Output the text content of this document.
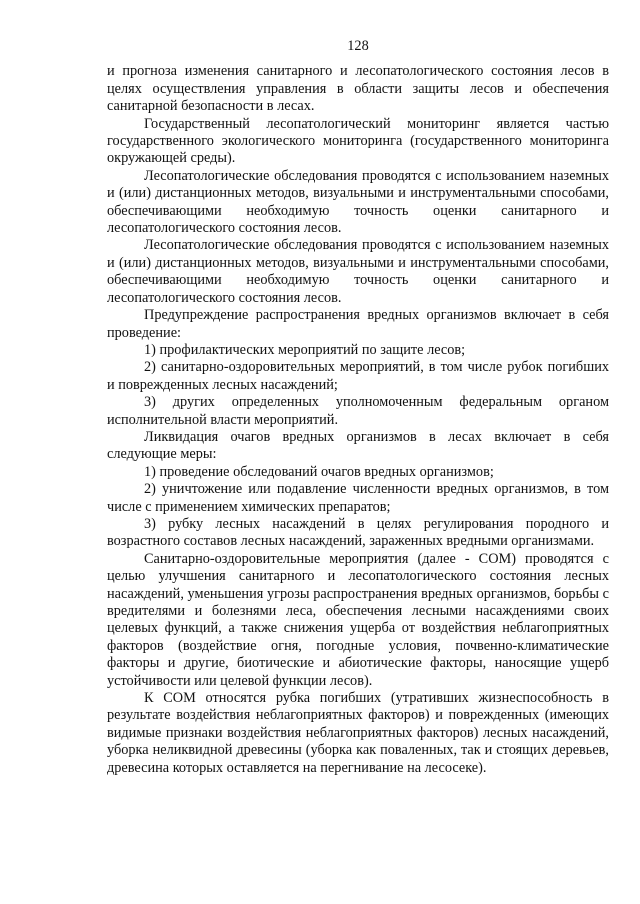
128

и прогноза изменения санитарного и лесопатологического состояния лесов в целях осуществления управления в области защиты лесов и обеспечения санитарной безопасности в лесах.

Государственный лесопатологический мониторинг является частью государственного экологического мониторинга (государственного мониторинга окружающей среды).

Лесопатологические обследования проводятся с использованием наземных и (или) дистанционных методов, визуальными и инструментальными способами, обеспечивающими необходимую точность оценки санитарного и лесопатологического состояния лесов.

Лесопатологические обследования проводятся с использованием наземных и (или) дистанционных методов, визуальными и инструментальными способами, обеспечивающими необходимую точность оценки санитарного и лесопатологического состояния лесов.

Предупреждение распространения вредных организмов включает в себя проведение:

1) профилактических мероприятий по защите лесов;

2) санитарно-оздоровительных мероприятий, в том числе рубок погибших и поврежденных лесных насаждений;

3) других определенных уполномоченным федеральным органом исполнительной власти мероприятий.

Ликвидация очагов вредных организмов в лесах включает в себя следующие меры:

1) проведение обследований очагов вредных организмов;

2) уничтожение или подавление численности вредных организмов, в том числе с применением химических препаратов;

3) рубку лесных насаждений в целях регулирования породного и возрастного составов лесных насаждений, зараженных вредными организмами.

Санитарно-оздоровительные мероприятия (далее - СОМ) проводятся с целью улучшения санитарного и лесопатологического состояния лесных насаждений, уменьшения угрозы распространения вредных организмов, борьбы с вредителями и болезнями леса, обеспечения лесными насаждениями своих целевых функций, а также снижения ущерба от воздействия неблагоприятных факторов (воздействие огня, погодные условия, почвенно-климатические факторы и другие, биотические и абиотические факторы, наносящие ущерб устойчивости или целевой функции лесов).

К СОМ относятся рубка погибших (утративших жизнеспособность в результате воздействия неблагоприятных факторов) и поврежденных (имеющих видимые признаки воздействия неблагоприятных факторов) лесных насаждений, уборка неликвидной древесины (уборка как поваленных, так и стоящих деревьев, древесина которых оставляется на перегнивание на лесосеке).
